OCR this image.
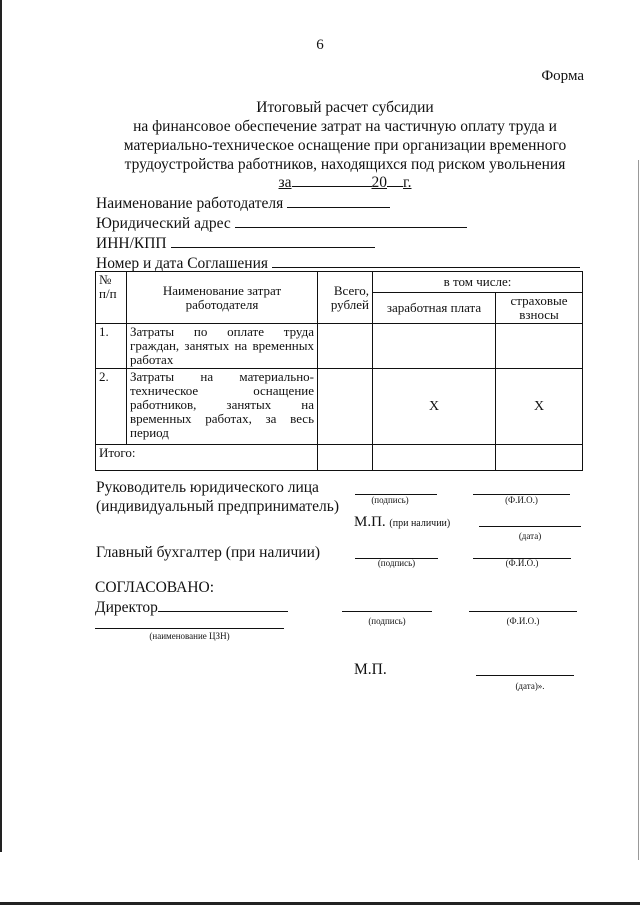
6
Форма
Итоговый расчет субсидии
на финансовое обеспечение затрат на частичную оплату труда и
материально-техническое оснащение при организации временного
трудоустройства работников, находящихся под риском увольнения
за	20 г.
Наименование работодателя
Юридический адрес
ИНН/КПП
Номер и дата Соглашения
№ п/п	Наименование затрат работодателя	Всего, рублей	в том числе:	
			заработная плата	страховые взносы
1.	Затраты по оплате труда граждан, занятых на временных работах			
2.	Затраты на материально-техническое оснащение работников, занятых на временных работах, за весь период		X	X
Итого:				
Руководитель юридического лица
(индивидуальный предприниматель)	(подпись)	(Ф.И.О.)
М.П. (при наличии)
(дата)
Главный бухгалтер (при наличии)
(подпись)	(Ф.И.О.)
СОГЛАСОВАНО:
Директор
(подпись)	(Ф.И.О.)
(наименование ЦЗН)
М.П.
(дата)».
